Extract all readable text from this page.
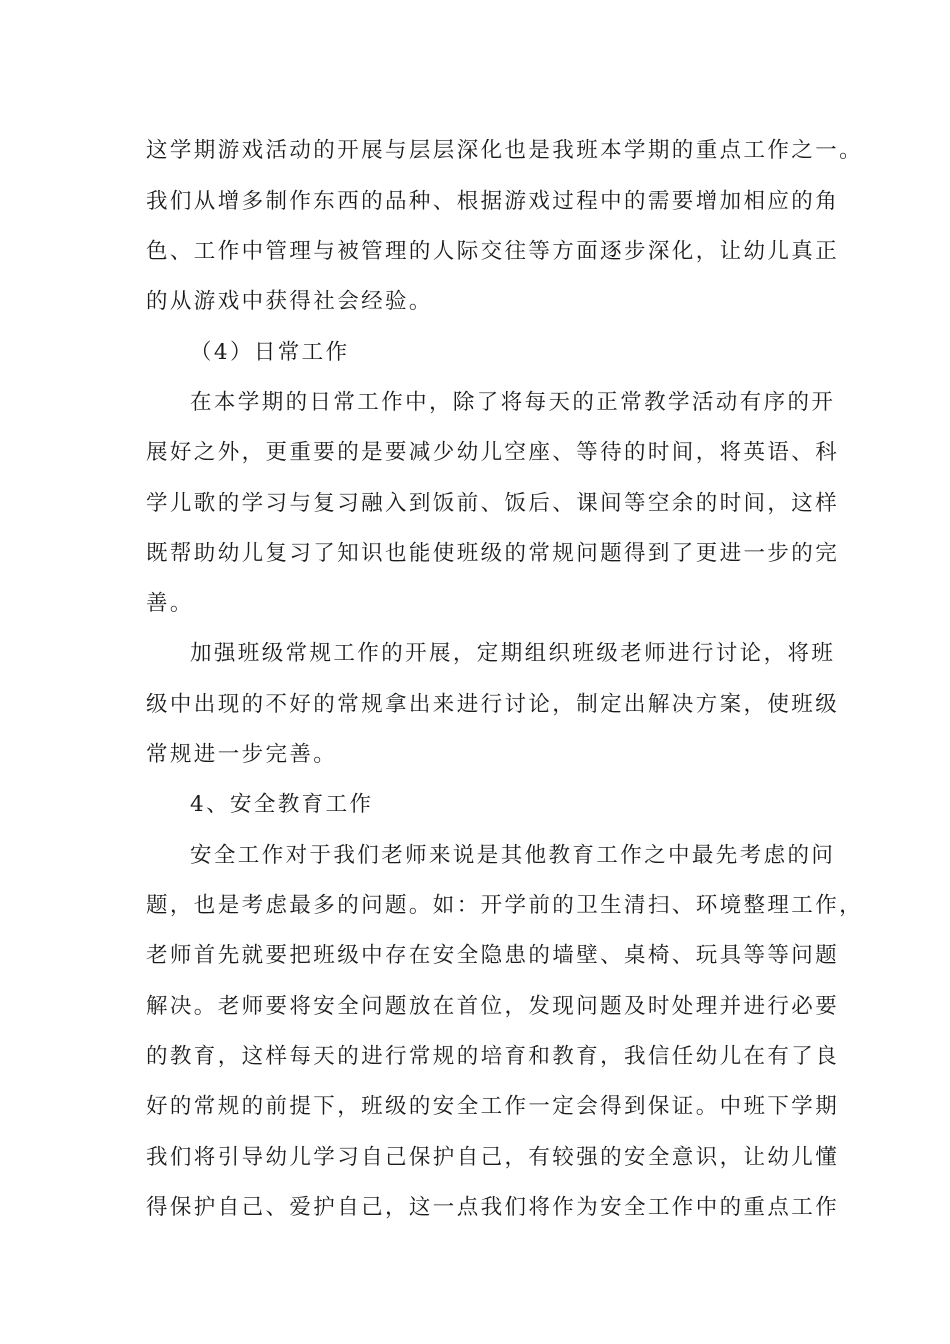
这学期游戏活动的开展与层层深化也是我班本学期的重点工作之一。
我们从增多制作东西的品种、根据游戏过程中的需要增加相应的角
色、工作中管理与被管理的人际交往等方面逐步深化，让幼儿真正
的从游戏中获得社会经验。
（4）日常工作
在本学期的日常工作中，除了将每天的正常教学活动有序的开
展好之外，更重要的是要减少幼儿空座、等待的时间，将英语、科
学儿歌的学习与复习融入到饭前、饭后、课间等空余的时间，这样
既帮助幼儿复习了知识也能使班级的常规问题得到了更进一步的完
善。
加强班级常规工作的开展，定期组织班级老师进行讨论，将班
级中出现的不好的常规拿出来进行讨论，制定出解决方案，使班级
常规进一步完善。
4、安全教育工作
安全工作对于我们老师来说是其他教育工作之中最先考虑的问
题，也是考虑最多的问题。如：开学前的卫生清扫、环境整理工作，
老师首先就要把班级中存在安全隐患的墙壁、桌椅、玩具等等问题
解决。老师要将安全问题放在首位，发现问题及时处理并进行必要
的教育，这样每天的进行常规的培育和教育，我信任幼儿在有了良
好的常规的前提下，班级的安全工作一定会得到保证。中班下学期
我们将引导幼儿学习自己保护自己，有较强的安全意识，让幼儿懂
得保护自己、爱护自己，这一点我们将作为安全工作中的重点工作
